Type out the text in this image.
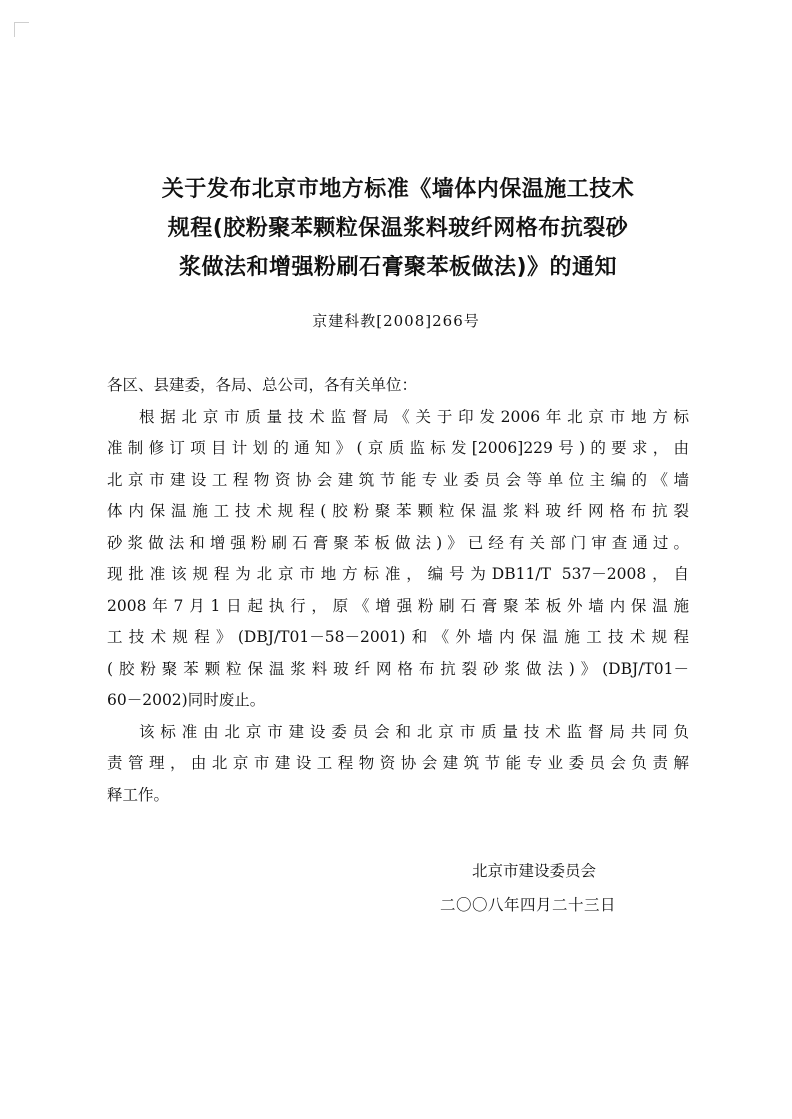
关于发布北京市地方标准《墙体内保温施工技术
规程(胶粉聚苯颗粒保温浆料玻纤网格布抗裂砂
浆做法和增强粉刷石膏聚苯板做法)》的通知
京建科教[2008]266号
各区、县建委，各局、总公司，各有关单位：
根据北京市质量技术监督局《关于印发2006年北京市地方标
准制修订项目计划的通知》(京质监标发[2006]229号)的要求，由
北京市建设工程物资协会建筑节能专业委员会等单位主编的《墙
体内保温施工技术规程(胶粉聚苯颗粒保温浆料玻纤网格布抗裂
砂浆做法和增强粉刷石膏聚苯板做法)》已经有关部门审查通过。
现批准该规程为北京市地方标准，编号为DB11/T 537－2008，自
2008年7月1日起执行，原《增强粉刷石膏聚苯板外墙内保温施
工技术规程》(DBJ/T01－58－2001)和《外墙内保温施工技术规程
(胶粉聚苯颗粒保温浆料玻纤网格布抗裂砂浆做法)》(DBJ/T01－
60－2002)同时废止。
该标准由北京市建设委员会和北京市质量技术监督局共同负
责管理，由北京市建设工程物资协会建筑节能专业委员会负责解
释工作。
北京市建设委员会
二〇〇八年四月二十三日
